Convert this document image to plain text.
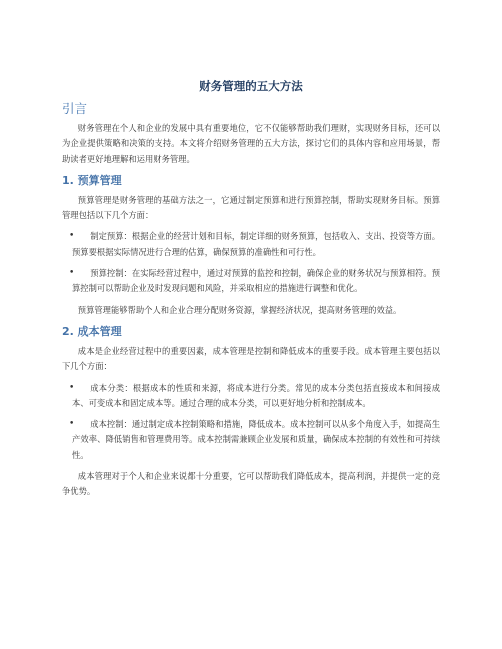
财务管理的五大方法
引言

财务管理在个人和企业的发展中具有重要地位，它不仅能够帮助我们理财，实现财务目标，还可以为企业提供策略和决策的支持。本文将介绍财务管理的五大方法，探讨它们的具体内容和应用场景，帮助读者更好地理解和运用财务管理。

1. 预算管理

预算管理是财务管理的基础方法之一，它通过制定预算和进行预算控制，帮助实现财务目标。预算管理包括以下几个方面：

• 制定预算：根据企业的经营计划和目标，制定详细的财务预算，包括收入、支出、投资等方面。预算要根据实际情况进行合理的估算，确保预算的准确性和可行性。
• 预算控制：在实际经营过程中，通过对预算的监控和控制，确保企业的财务状况与预算相符。预算控制可以帮助企业及时发现问题和风险，并采取相应的措施进行调整和优化。

预算管理能够帮助个人和企业合理分配财务资源，掌握经济状况，提高财务管理的效益。

2. 成本管理

成本是企业经营过程中的重要因素，成本管理是控制和降低成本的重要手段。成本管理主要包括以下几个方面：

• 成本分类：根据成本的性质和来源，将成本进行分类。常见的成本分类包括直接成本和间接成本、可变成本和固定成本等。通过合理的成本分类，可以更好地分析和控制成本。
• 成本控制：通过制定成本控制策略和措施，降低成本。成本控制可以从多个角度入手，如提高生产效率、降低销售和管理费用等。成本控制需兼顾企业发展和质量，确保成本控制的有效性和可持续性。

成本管理对于个人和企业来说都十分重要，它可以帮助我们降低成本，提高利润，并提供一定的竞争优势。
